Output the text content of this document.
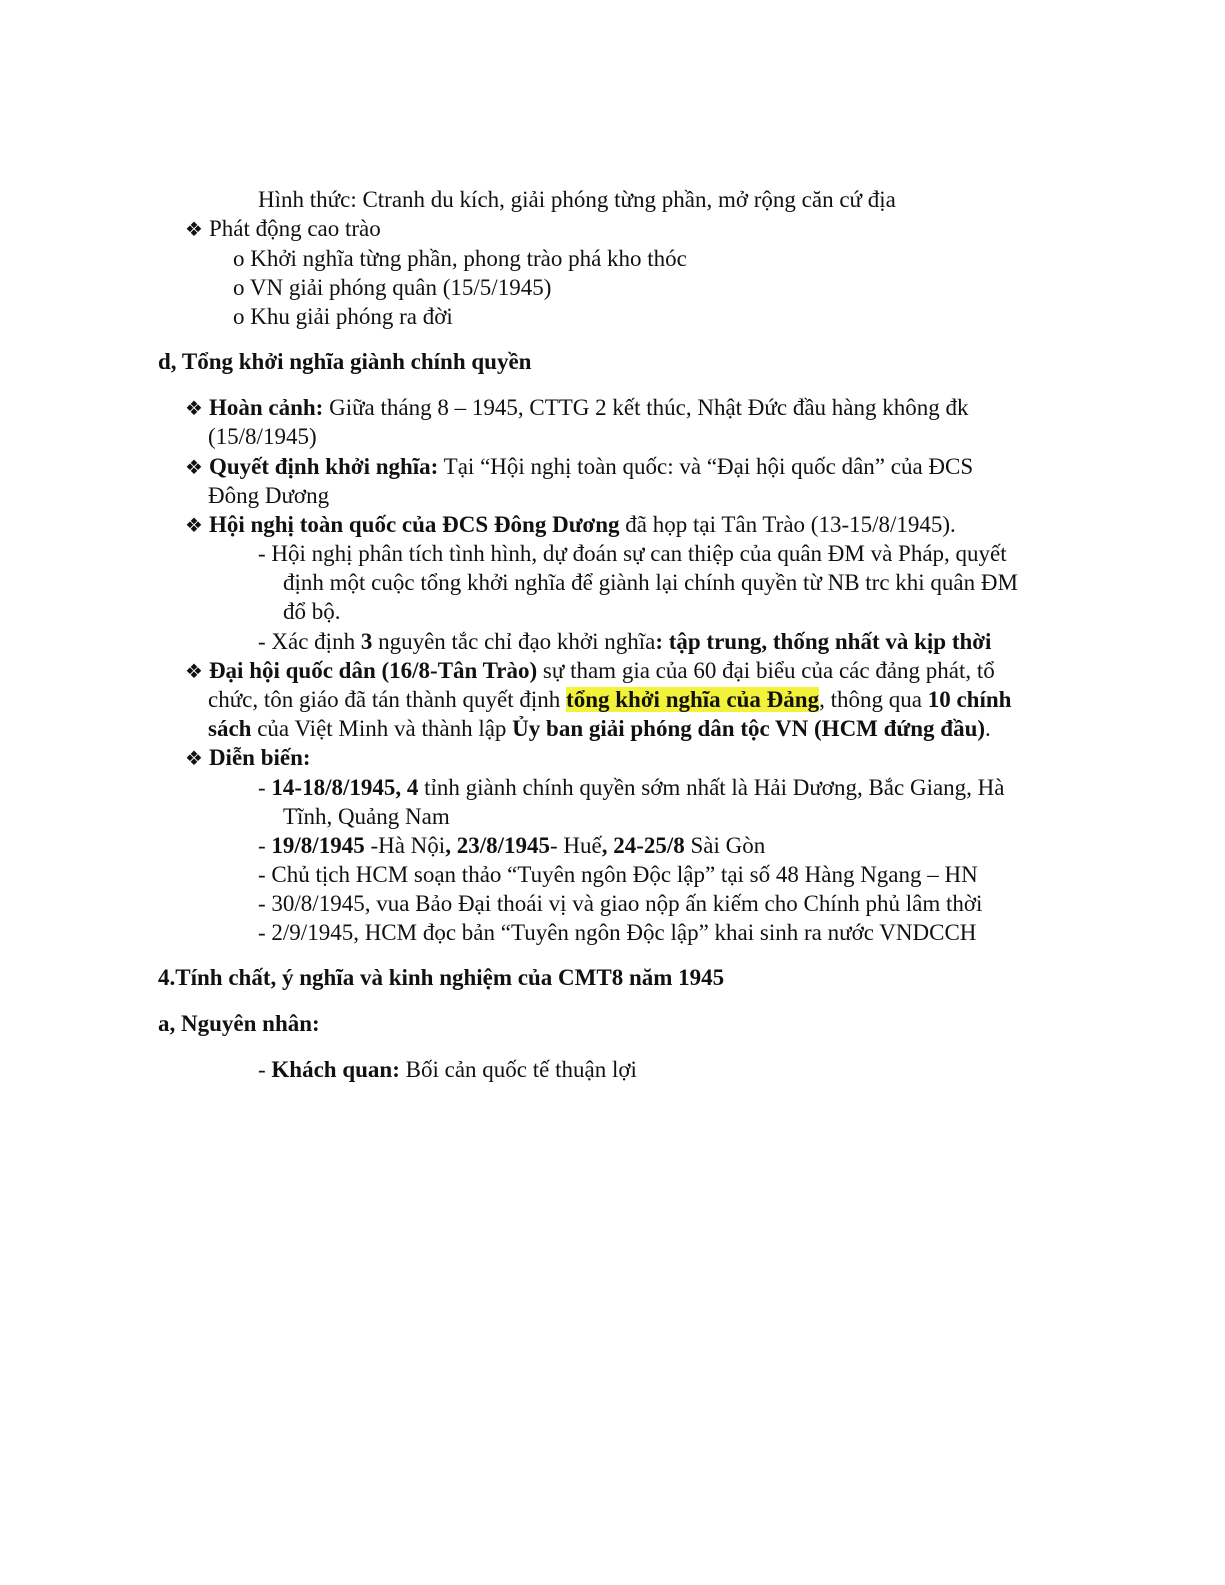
Hình thức: Ctranh du kích, giải phóng từng phần, mở rộng căn cứ địa
❖ Phát động cao trào
o Khởi nghĩa từng phần, phong trào phá kho thóc
o VN giải phóng quân (15/5/1945)
o Khu giải phóng ra đời
d, Tổng khởi nghĩa giành chính quyền
❖ Hoàn cảnh: Giữa tháng 8 – 1945, CTTG 2 kết thúc, Nhật Đức đầu hàng không đk
(15/8/1945)
❖ Quyết định khởi nghĩa: Tại “Hội nghị toàn quốc: và “Đại hội quốc dân” của ĐCS
Đông Dương
❖ Hội nghị toàn quốc của ĐCS Đông Dương đã họp tại Tân Trào (13-15/8/1945).
- Hội nghị phân tích tình hình, dự đoán sự can thiệp của quân ĐM và Pháp, quyết
định một cuộc tổng khởi nghĩa để giành lại chính quyền từ NB trc khi quân ĐM
đổ bộ.
- Xác định 3 nguyên tắc chỉ đạo khởi nghĩa: tập trung, thống nhất và kịp thời
❖ Đại hội quốc dân (16/8-Tân Trào) sự tham gia của 60 đại biểu của các đảng phát, tổ
chức, tôn giáo đã tán thành quyết định tổng khởi nghĩa của Đảng, thông qua 10 chính
sách của Việt Minh và thành lập Ủy ban giải phóng dân tộc VN (HCM đứng đầu).
❖ Diễn biến:
- 14-18/8/1945, 4 tỉnh giành chính quyền sớm nhất là Hải Dương, Bắc Giang, Hà
Tĩnh, Quảng Nam
- 19/8/1945 -Hà Nội, 23/8/1945- Huế, 24-25/8 Sài Gòn
- Chủ tịch HCM soạn thảo “Tuyên ngôn Độc lập” tại số 48 Hàng Ngang – HN
- 30/8/1945, vua Bảo Đại thoái vị và giao nộp ấn kiếm cho Chính phủ lâm thời
- 2/9/1945, HCM đọc bản “Tuyên ngôn Độc lập” khai sinh ra nước VNDCCH
4.Tính chất, ý nghĩa và kinh nghiệm của CMT8 năm 1945
a, Nguyên nhân:
- Khách quan: Bối cản quốc tế thuận lợi
